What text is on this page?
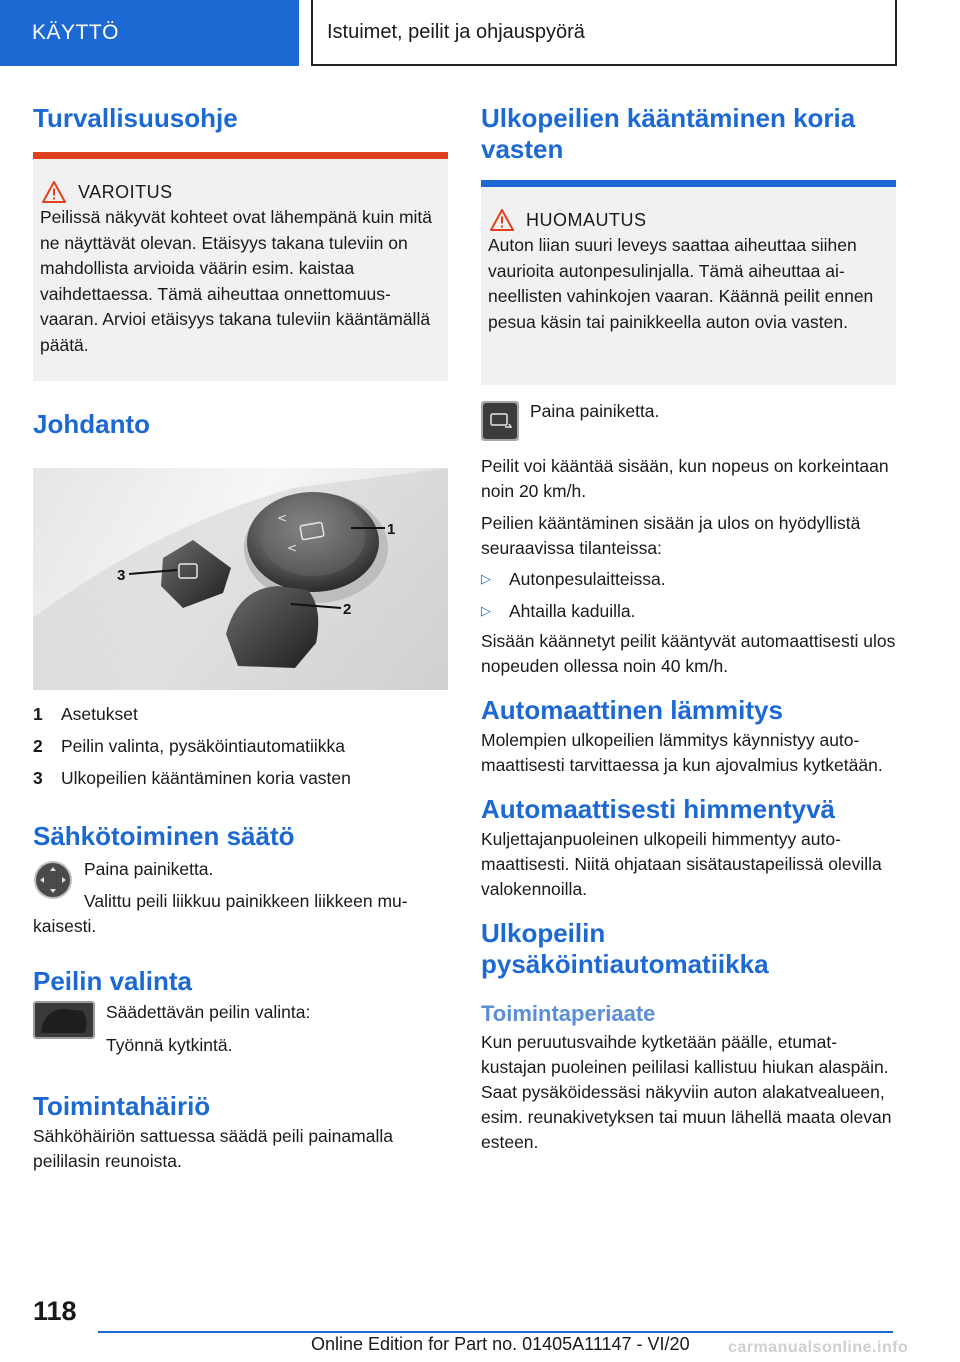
KÄYTTÖ	Istuimet, peilit ja ohjauspyörä
Turvallisuusohje
VAROITUS

Peilissä näkyvät kohteet ovat lähempänä kuin mitä ne näyttävät olevan. Etäisyys takana tuleviin on mahdollista arvioida väärin esim. kaistaa vaihdettaessa. Tämä aiheuttaa onnettomuusvaaran. Arvioi etäisyys takana tuleviin kääntämällä päätä.

Johdanto
<
<
1
3
2
1	Asetukset
2	Peilin valinta, pysäköintiautomatiikka
3	Ulkopeilien kääntäminen koria vasten
Sähkötoiminen säätö

Paina painiketta.

Valittu peili liikkuu painikkeen liikkeen mukaisesti.

Peilin valinta

Säädettävän peilin valinta:

Työnnä kytkintä.

Toimintahäiriö

Sähköhäiriön sattuessa säädä peili painamalla peililasin reunoista.

Ulkopeilien kääntäminen koria vasten
HUOMAUTUS

Auton liian suuri leveys saattaa aiheuttaa siihen vaurioita autonpesulinjalla. Tämä aiheuttaa aineellisten vahinkojen vaaran. Käännä peilit ennen pesua käsin tai painikkeella auton ovia vasten.

Paina painiketta.

Peilit voi kääntää sisään, kun nopeus on korkeintaan noin 20 km/h.

Peilien kääntäminen sisään ja ulos on hyödyllistä seuraavissa tilanteissa:

▷	Autonpesulaitteissa.
▷	Ahtailla kaduilla.

Sisään käännetyt peilit kääntyvät automaattisesti ulos nopeuden ollessa noin 40 km/h.

Automaattinen lämmitys

Molempien ulkopeilien lämmitys käynnistyy automaattisesti tarvittaessa ja kun ajovalmius kytketään.

Automaattisesti himmentyvä

Kuljettajanpuoleinen ulkopeili himmentyy automaattisesti. Niitä ohjataan sisätaustapeilissä olevilla valokennoilla.

Ulkopeilin pysäköintiautomatiikka
Toimintaperiaate

Kun peruutusvaihde kytketään päälle, etumatkustajan puoleinen peililasi kallistuu hiukan alaspäin. Saat pysäköidessäsi näkyviin auton alakatvealueen, esim. reunakivetyksen tai muun lähellä maata olevan esteen.

118
Online Edition for Part no. 01405A11147 - VI/20	carmanualsonline.info
